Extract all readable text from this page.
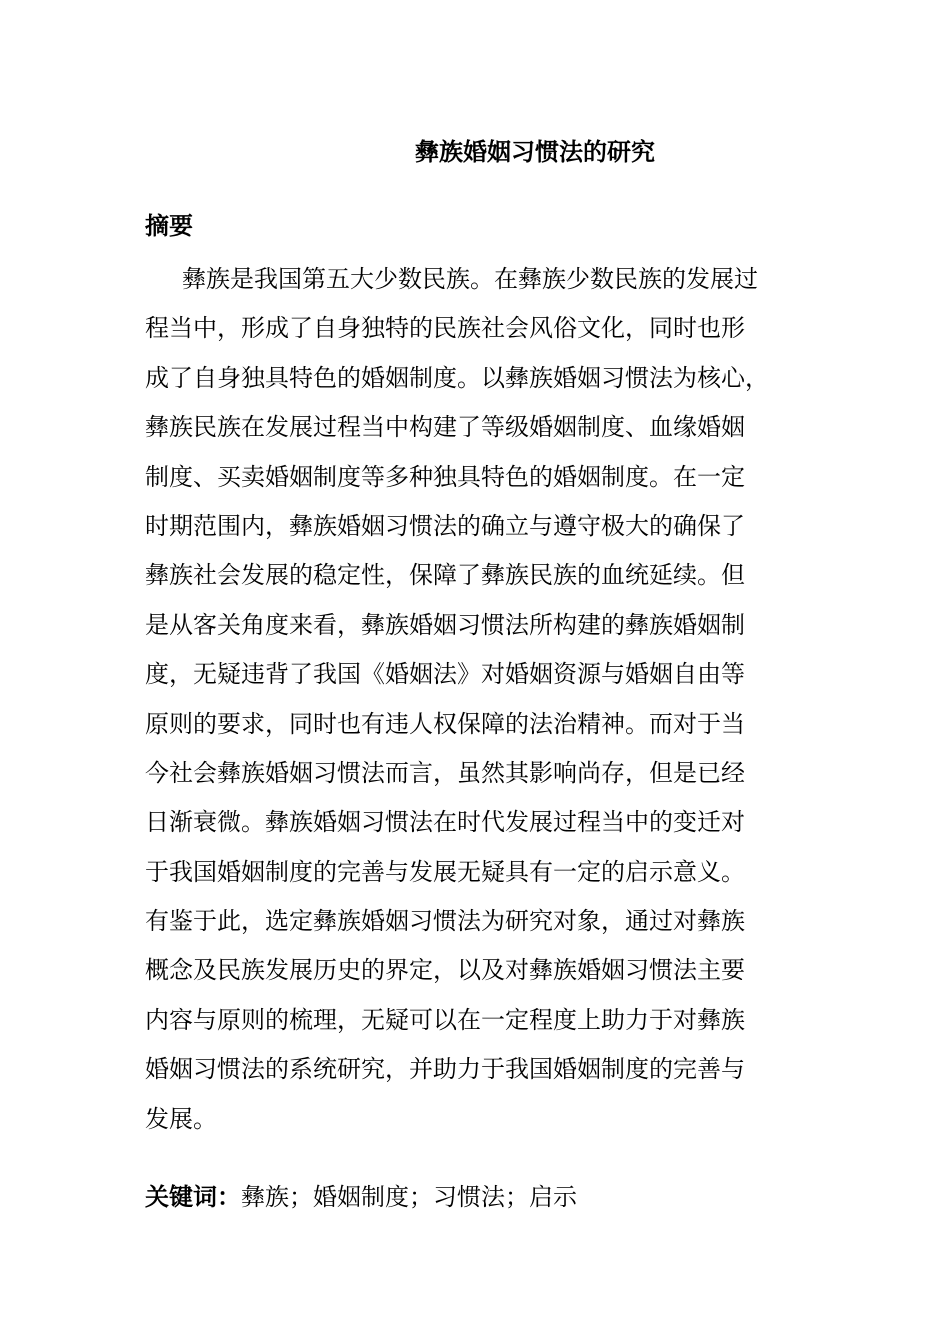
彝族婚姻习惯法的研究
摘要
彝族是我国第五大少数民族。在彝族少数民族的发展过
程当中，形成了自身独特的民族社会风俗文化，同时也形
成了自身独具特色的婚姻制度。以彝族婚姻习惯法为核心，
彝族民族在发展过程当中构建了等级婚姻制度、血缘婚姻
制度、买卖婚姻制度等多种独具特色的婚姻制度。在一定
时期范围内，彝族婚姻习惯法的确立与遵守极大的确保了
彝族社会发展的稳定性，保障了彝族民族的血统延续。但
是从客关角度来看，彝族婚姻习惯法所构建的彝族婚姻制
度，无疑违背了我国《婚姻法》对婚姻资源与婚姻自由等
原则的要求，同时也有违人权保障的法治精神。而对于当
今社会彝族婚姻习惯法而言，虽然其影响尚存，但是已经
日渐衰微。彝族婚姻习惯法在时代发展过程当中的变迁对
于我国婚姻制度的完善与发展无疑具有一定的启示意义。
有鉴于此，选定彝族婚姻习惯法为研究对象，通过对彝族
概念及民族发展历史的界定，以及对彝族婚姻习惯法主要
内容与原则的梳理，无疑可以在一定程度上助力于对彝族
婚姻习惯法的系统研究，并助力于我国婚姻制度的完善与
发展。
关键词：彝族；婚姻制度；习惯法；启示
